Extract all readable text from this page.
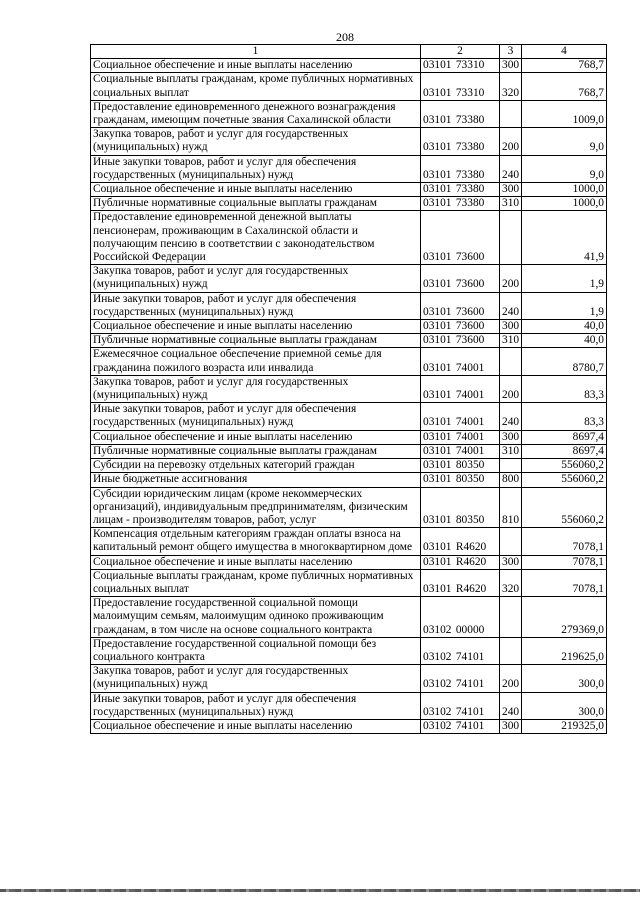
208
1	2	3	4
Социальное обеспечение и иные выплаты населению	03101 73310	300	768,7
Социальные выплаты гражданам, кроме публичных нормативных социальных выплат	03101 73310	320	768,7
Предоставление единовременного денежного вознаграждения гражданам, имеющим почетные звания Сахалинской области	03101 73380		1009,0
Закупка товаров, работ и услуг для государственных (муниципальных) нужд	03101 73380	200	9,0
Иные закупки товаров, работ и услуг для обеспечения государственных (муниципальных) нужд	03101 73380	240	9,0
Социальное обеспечение и иные выплаты населению	03101 73380	300	1000,0
Публичные нормативные социальные выплаты гражданам	03101 73380	310	1000,0
Предоставление единовременной денежной выплаты пенсионерам, проживающим в Сахалинской области и получающим пенсию в соответствии с законодательством Российской Федерации	03101 73600		41,9
Закупка товаров, работ и услуг для государственных (муниципальных) нужд	03101 73600	200	1,9
Иные закупки товаров, работ и услуг для обеспечения государственных (муниципальных) нужд	03101 73600	240	1,9
Социальное обеспечение и иные выплаты населению	03101 73600	300	40,0
Публичные нормативные социальные выплаты гражданам	03101 73600	310	40,0
Ежемесячное социальное обеспечение приемной семье для гражданина пожилого возраста или инвалида	03101 74001		8780,7
Закупка товаров, работ и услуг для государственных (муниципальных) нужд	03101 74001	200	83,3
Иные закупки товаров, работ и услуг для обеспечения государственных (муниципальных) нужд	03101 74001	240	83,3
Социальное обеспечение и иные выплаты населению	03101 74001	300	8697,4
Публичные нормативные социальные выплаты гражданам	03101 74001	310	8697,4
Субсидии на перевозку отдельных категорий граждан	03101 80350		556060,2
Иные бюджетные ассигнования	03101 80350	800	556060,2
Субсидии юридическим лицам (кроме некоммерческих организаций), индивидуальным предпринимателям, физическим лицам - производителям товаров, работ, услуг	03101 80350	810	556060,2
Компенсация отдельным категориям граждан оплаты взноса на капитальный ремонт общего имущества в многоквартирном доме	03101 R4620		7078,1
Социальное обеспечение и иные выплаты населению	03101 R4620	300	7078,1
Социальные выплаты гражданам, кроме публичных нормативных социальных выплат	03101 R4620	320	7078,1
Предоставление государственной социальной помощи малоимущим семьям, малоимущим одиноко проживающим гражданам, в том числе на основе социального контракта	03102 00000		279369,0
Предоставление государственной социальной помощи без социального контракта	03102 74101		219625,0
Закупка товаров, работ и услуг для государственных (муниципальных) нужд	03102 74101	200	300,0
Иные закупки товаров, работ и услуг для обеспечения государственных (муниципальных) нужд	03102 74101	240	300,0
Социальное обеспечение и иные выплаты населению	03102 74101	300	219325,0
